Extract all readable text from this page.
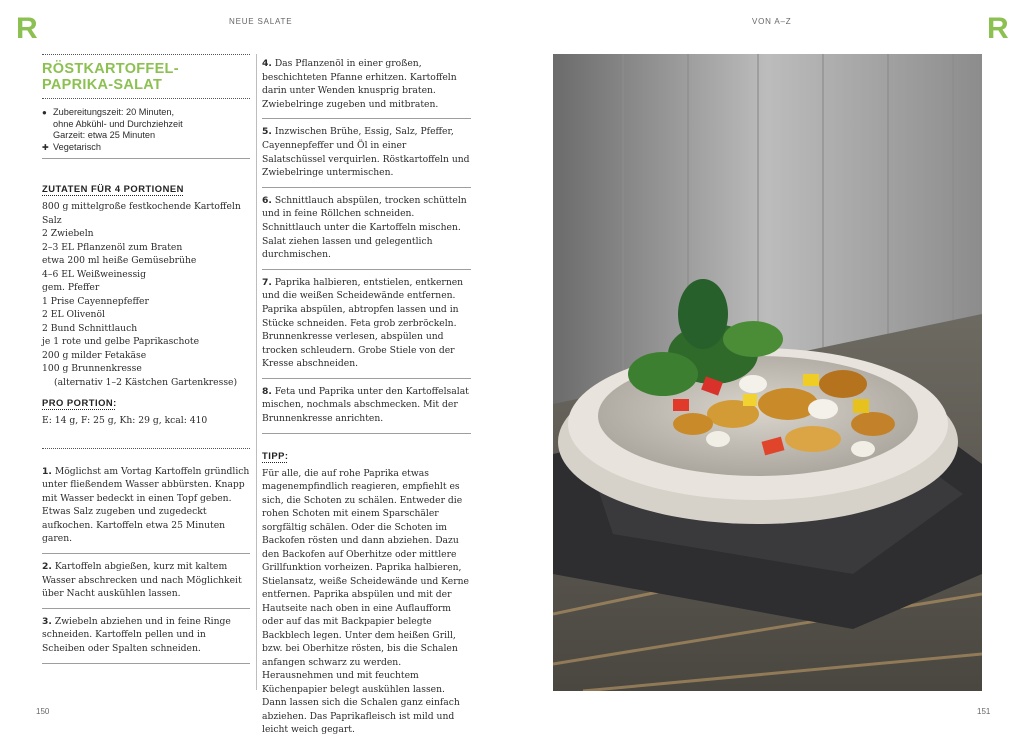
R	R
NEUE SALATE	VON A–Z
150	151
RÖSTKARTOFFEL-
PAPRIKA-SALAT
● Zubereitungszeit: 20 Minuten,
ohne Abkühl- und Durchziehzeit
Garzeit: etwa 25 Minuten
✚ Vegetarisch
ZUTATEN FÜR 4 PORTIONEN
800 g mittelgroße festkochende Kartoffeln
Salz
2 Zwiebeln
2–3 EL Pflanzenöl zum Braten
etwa 200 ml heiße Gemüsebrühe
4–6 EL Weißweinessig
gem. Pfeffer
1 Prise Cayennepfeffer
2 EL Olivenöl
2 Bund Schnittlauch
je 1 rote und gelbe Paprikaschote
200 g milder Fetakäse
100 g Brunnenkresse
(alternativ 1–2 Kästchen Gartenkresse)
PRO PORTION:
E: 14 g, F: 25 g, Kh: 29 g, kcal: 410
1. Möglichst am Vortag Kartoffeln gründlich unter fließendem Wasser abbürsten. Knapp mit Wasser bedeckt in einen Topf geben. Etwas Salz zugeben und zugedeckt aufkochen. Kartoffeln etwa 25 Minuten garen.
2. Kartoffeln abgießen, kurz mit kaltem Wasser abschrecken und nach Möglichkeit über Nacht auskühlen lassen.
3. Zwiebeln abziehen und in feine Ringe schneiden. Kartoffeln pellen und in Scheiben oder Spalten schneiden.
4. Das Pflanzenöl in einer großen, beschichteten Pfanne erhitzen. Kartoffeln darin unter Wenden knusprig braten. Zwiebelringe zugeben und mitbraten.
5. Inzwischen Brühe, Essig, Salz, Pfeffer, Cayennepfeffer und Öl in einer Salatschüssel verquirlen. Röstkartoffeln und Zwiebelringe untermischen.
6. Schnittlauch abspülen, trocken schütteln und in feine Röllchen schneiden. Schnittlauch unter die Kartoffeln mischen. Salat ziehen lassen und gelegentlich durchmischen.
7. Paprika halbieren, entstielen, entkernen und die weißen Scheidewände entfernen. Paprika abspülen, abtropfen lassen und in Stücke schneiden. Feta grob zerbröckeln. Brunnenkresse verlesen, abspülen und trocken schleudern. Grobe Stiele von der Kresse abschneiden.
8. Feta und Paprika unter den Kartoffelsalat mischen, nochmals abschmecken. Mit der Brunnenkresse anrichten.
TIPP:
Für alle, die auf rohe Paprika etwas magenempfindlich reagieren, empfiehlt es sich, die Schoten zu schälen. Entweder die rohen Schoten mit einem Sparschäler sorgfältig schälen. Oder die Schoten im Backofen rösten und dann abziehen. Dazu den Backofen auf Oberhitze oder mittlere Grillfunktion vorheizen. Paprika halbieren, Stielansatz, weiße Scheidewände und Kerne entfernen. Paprika abspülen und mit der Hautseite nach oben in eine Auflaufform oder auf das mit Backpapier belegte Backblech legen. Unter dem heißen Grill, bzw. bei Oberhitze rösten, bis die Schalen anfangen schwarz zu werden. Herausnehmen und mit feuchtem Küchenpapier belegt auskühlen lassen. Dann lassen sich die Schalen ganz einfach abziehen. Das Paprikafleisch ist mild und leicht weich gegart.
